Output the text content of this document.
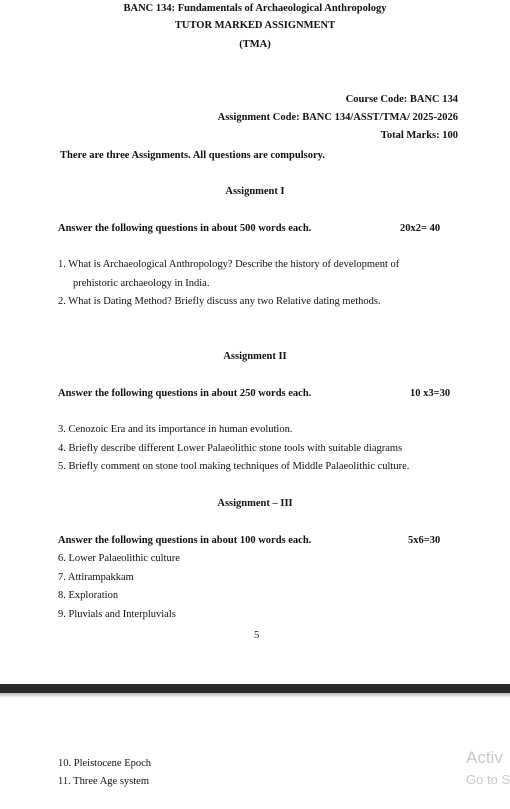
BANC 134: Fundamentals of Archaeological Anthropology
TUTOR MARKED ASSIGNMENT
(TMA)
Course Code: BANC 134
Assignment Code: BANC 134/ASST/TMA/ 2025-2026
Total Marks: 100
There are three Assignments. All questions are compulsory.
Assignment I
Answer the following questions in about 500 words each.	20x2= 40
1. What is Archaeological Anthropology? Describe the history of development of
prehistoric archaeology in India.
2. What is Dating Method? Briefly discuss any two Relative dating methods.
Assignment II
Answer the following questions in about 250 words each.	10 x3=30
3. Cenozoic Era and its importance in human evolution.
4. Briefly describe different Lower Palaeolithic stone tools with suitable diagrams
5. Briefly comment on stone tool making techniques of Middle Palaeolithic culture.
Assignment – III
Answer the following questions in about 100 words each.	5x6=30
6. Lower Palaeolithic culture
7. Attirampakkam
8. Exploration
9. Pluvials and Interpluvials
5
10. Pleistocene Epoch
11. Three Age system
Activ
Go to S
